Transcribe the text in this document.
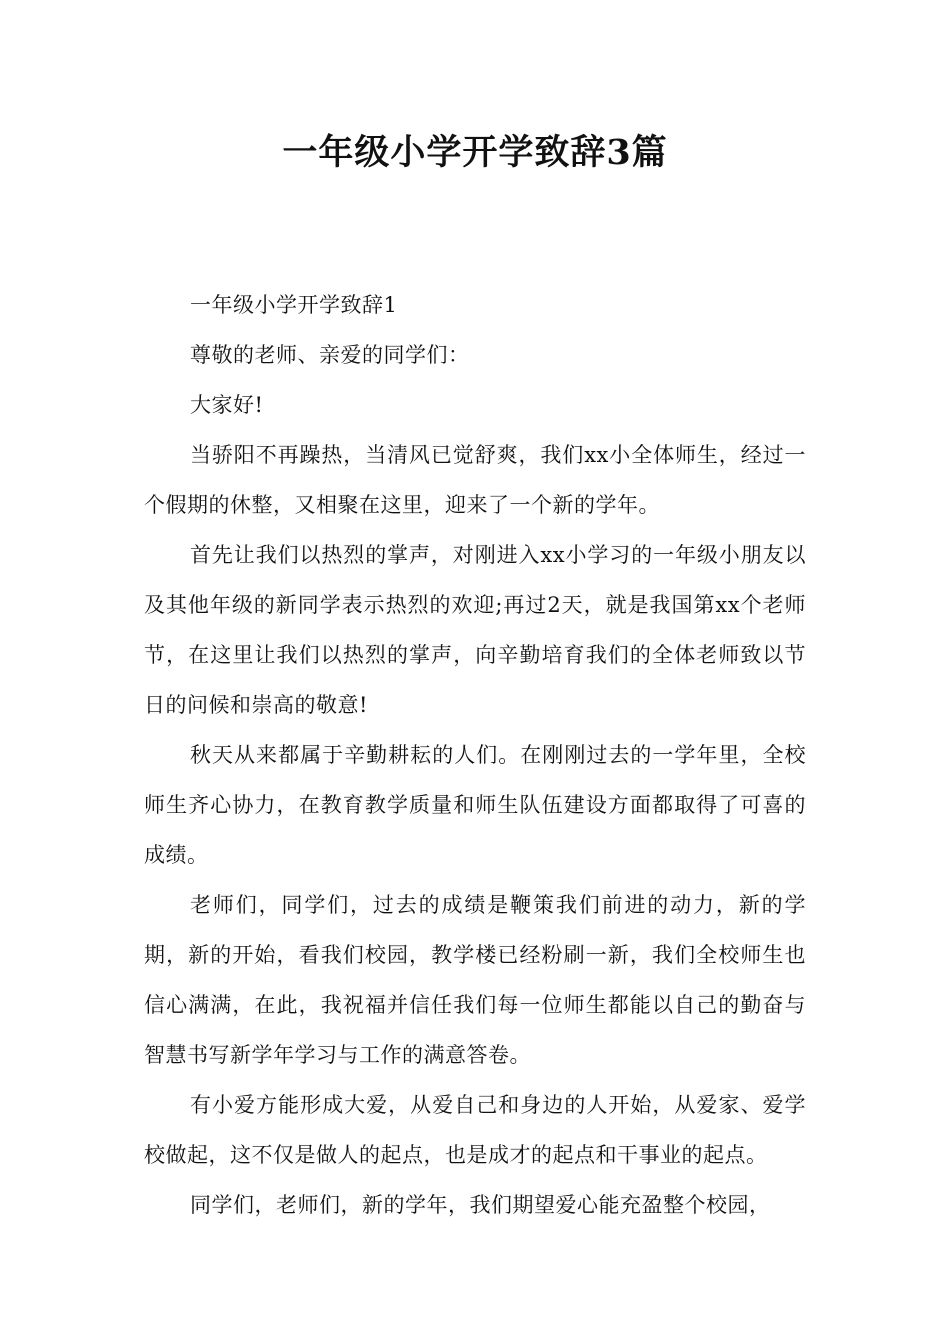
一年级小学开学致辞3篇

一年级小学开学致辞1

尊敬的老师、亲爱的同学们：

大家好!

当骄阳不再躁热，当清风已觉舒爽，我们xx小全体师生，经过一个假期的休整，又相聚在这里，迎来了一个新的学年。

首先让我们以热烈的掌声，对刚进入xx小学习的一年级小朋友以及其他年级的新同学表示热烈的欢迎;再过2天，就是我国第xx个老师节，在这里让我们以热烈的掌声，向辛勤培育我们的全体老师致以节日的问候和崇高的敬意!

秋天从来都属于辛勤耕耘的人们。在刚刚过去的一学年里，全校师生齐心协力，在教育教学质量和师生队伍建设方面都取得了可喜的成绩。

老师们，同学们，过去的成绩是鞭策我们前进的动力，新的学期，新的开始，看我们校园，教学楼已经粉刷一新，我们全校师生也信心满满，在此，我祝福并信任我们每一位师生都能以自己的勤奋与智慧书写新学年学习与工作的满意答卷。

有小爱方能形成大爱，从爱自己和身边的人开始，从爱家、爱学校做起，这不仅是做人的起点，也是成才的起点和干事业的起点。

同学们，老师们，新的学年，我们期望爱心能充盈整个校园，
